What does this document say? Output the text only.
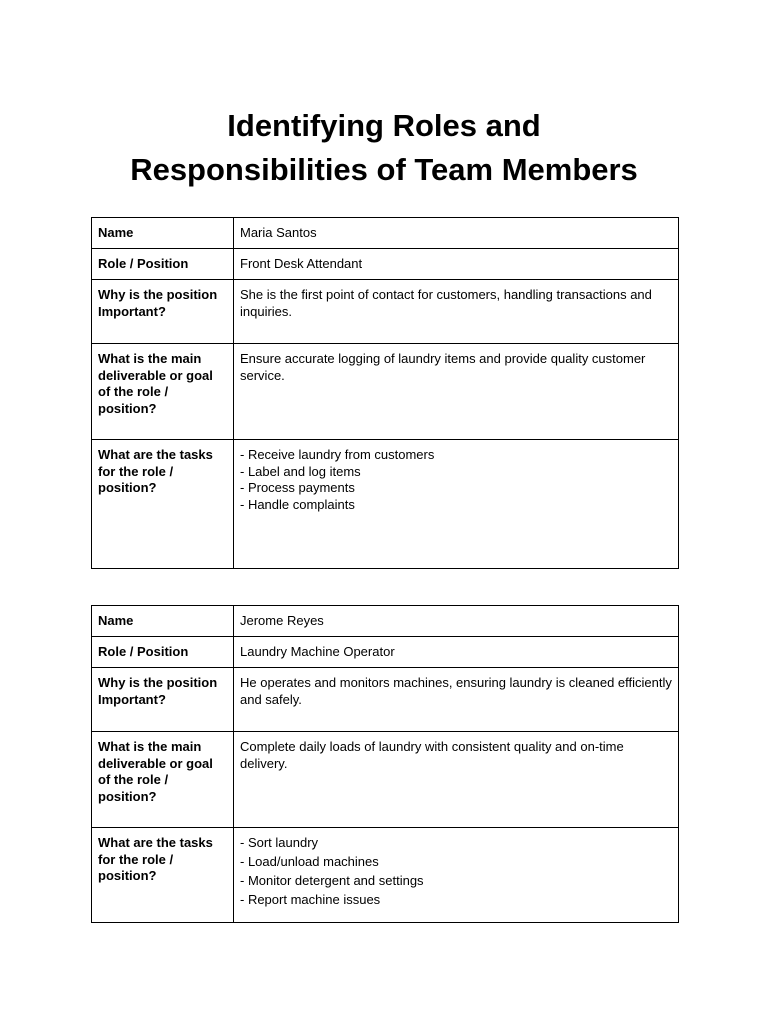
Identifying Roles and
Responsibilities of Team Members
Name	Maria Santos

Role / Position	Front Desk Attendant

Why is the position Important?	She is the first point of contact for customers, handling transactions and inquiries.

What is the main deliverable or goal of the role / position?	Ensure accurate logging of laundry items and provide quality customer service.

What are the tasks for the role / position?	- Receive laundry from customers
- Label and log items
- Process payments
- Handle complaints
Name	Jerome Reyes

Role / Position	Laundry Machine Operator

Why is the position Important?	He operates and monitors machines, ensuring laundry is cleaned efficiently and safely.

What is the main deliverable or goal of the role / position?	Complete daily loads of laundry with consistent quality and on-time delivery.

What are the tasks for the role / position?	- Sort laundry
- Load/unload machines
- Monitor detergent and settings
- Report machine issues
